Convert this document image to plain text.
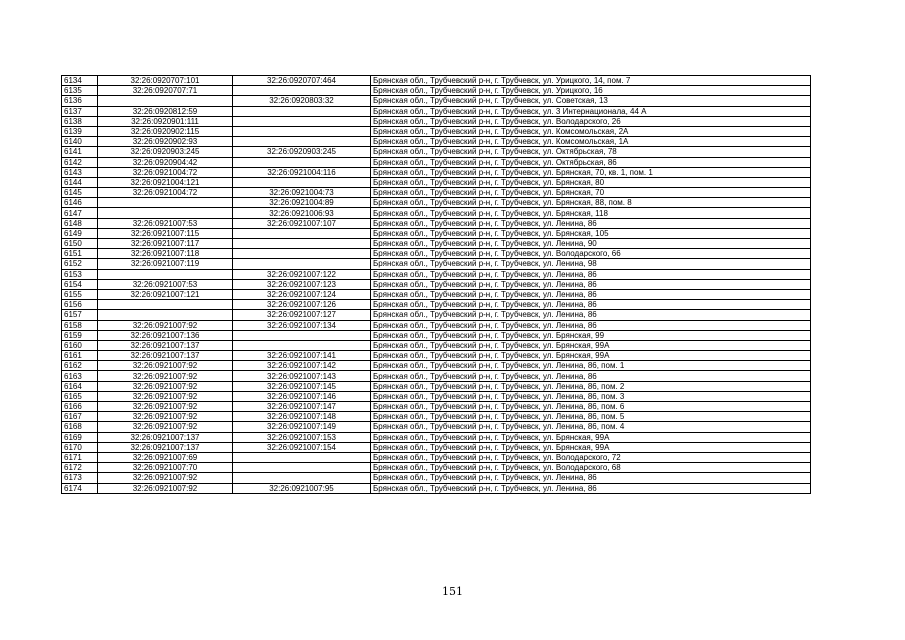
6134	32:26:0920707:101	32:26:0920707:464	Брянская обл., Трубчевский р-н, г. Трубчевск, ул. Урицкого, 14, пом. 7
6135	32:26:0920707:71		Брянская обл., Трубчевский р-н, г. Трубчевск, ул. Урицкого, 16
6136		32:26:0920803:32	Брянская обл., Трубчевский р-н, г. Трубчевск, ул. Советская, 13
6137	32:26:0920812:59		Брянская обл., Трубчевский р-н, г. Трубчевск, ул. 3 Интернационала, 44 А
6138	32:26:0920901:111		Брянская обл., Трубчевский р-н, г. Трубчевск, ул. Володарского, 26
6139	32:26:0920902:115		Брянская обл., Трубчевский р-н, г. Трубчевск, ул. Комсомольская, 2А
6140	32:26:0920902:93		Брянская обл., Трубчевский р-н, г. Трубчевск, ул. Комсомольская, 1А
6141	32:26:0920903:245	32:26:0920903:245	Брянская обл., Трубчевский р-н, г. Трубчевск, ул. Октябрьская, 78
6142	32:26:0920904:42		Брянская обл., Трубчевский р-н, г. Трубчевск, ул. Октябрьская, 86
6143	32:26:0921004:72	32:26:0921004:116	Брянская обл., Трубчевский р-н, г. Трубчевск, ул. Брянская, 70, кв. 1, пом. 1
6144	32:26:0921004:121		Брянская обл., Трубчевский р-н, г. Трубчевск, ул. Брянская, 80
6145	32:26:0921004:72	32:26:0921004:73	Брянская обл., Трубчевский р-н, г. Трубчевск, ул. Брянская, 70
6146		32:26:0921004:89	Брянская обл., Трубчевский р-н, г. Трубчевск, ул. Брянская, 88, пом. 8
6147		32:26:0921006:93	Брянская обл., Трубчевский р-н, г. Трубчевск, ул. Брянская, 118
6148	32:26:0921007:53	32:26:0921007:107	Брянская обл., Трубчевский р-н, г. Трубчевск, ул. Ленина, 86
6149	32:26:0921007:115		Брянская обл., Трубчевский р-н, г. Трубчевск, ул. Брянская, 105
6150	32:26:0921007:117		Брянская обл., Трубчевский р-н, г. Трубчевск, ул. Ленина, 90
6151	32:26:0921007:118		Брянская обл., Трубчевский р-н, г. Трубчевск, ул. Володарского, 66
6152	32:26:0921007:119		Брянская обл., Трубчевский р-н, г. Трубчевск, ул. Ленина, 98
6153		32:26:0921007:122	Брянская обл., Трубчевский р-н, г. Трубчевск, ул. Ленина, 86
6154	32:26:0921007:53	32:26:0921007:123	Брянская обл., Трубчевский р-н, г. Трубчевск, ул. Ленина, 86
6155	32:26:0921007:121	32:26:0921007:124	Брянская обл., Трубчевский р-н, г. Трубчевск, ул. Ленина, 86
6156		32:26:0921007:126	Брянская обл., Трубчевский р-н, г. Трубчевск, ул. Ленина, 86
6157		32:26:0921007:127	Брянская обл., Трубчевский р-н, г. Трубчевск, ул. Ленина, 86
6158	32:26:0921007:92	32:26:0921007:134	Брянская обл., Трубчевский р-н, г. Трубчевск, ул. Ленина, 86
6159	32:26:0921007:136		Брянская обл., Трубчевский р-н, г. Трубчевск, ул. Брянская, 99
6160	32:26:0921007:137		Брянская обл., Трубчевский р-н, г. Трубчевск, ул. Брянская, 99А
6161	32:26:0921007:137	32:26:0921007:141	Брянская обл., Трубчевский р-н, г. Трубчевск, ул. Брянская, 99А
6162	32:26:0921007:92	32:26:0921007:142	Брянская обл., Трубчевский р-н, г. Трубчевск, ул. Ленина, 86, пом. 1
6163	32:26:0921007:92	32:26:0921007:143	Брянская обл., Трубчевский р-н, г. Трубчевск, ул. Ленина, 86
6164	32:26:0921007:92	32:26:0921007:145	Брянская обл., Трубчевский р-н, г. Трубчевск, ул. Ленина, 86, пом. 2
6165	32:26:0921007:92	32:26:0921007:146	Брянская обл., Трубчевский р-н, г. Трубчевск, ул. Ленина, 86, пом. 3
6166	32:26:0921007:92	32:26:0921007:147	Брянская обл., Трубчевский р-н, г. Трубчевск, ул. Ленина, 86, пом. 6
6167	32:26:0921007:92	32:26:0921007:148	Брянская обл., Трубчевский р-н, г. Трубчевск, ул. Ленина, 86, пом. 5
6168	32:26:0921007:92	32:26:0921007:149	Брянская обл., Трубчевский р-н, г. Трубчевск, ул. Ленина, 86, пом. 4
6169	32:26:0921007:137	32:26:0921007:153	Брянская обл., Трубчевский р-н, г. Трубчевск, ул. Брянская, 99А
6170	32:26:0921007:137	32:26:0921007:154	Брянская обл., Трубчевский р-н, г. Трубчевск, ул. Брянская, 99А
6171	32:26:0921007:69		Брянская обл., Трубчевский р-н, г. Трубчевск, ул. Володарского, 72
6172	32:26:0921007:70		Брянская обл., Трубчевский р-н, г. Трубчевск, ул. Володарского, 68
6173	32:26:0921007:92		Брянская обл., Трубчевский р-н, г. Трубчевск, ул. Ленина, 86
6174	32:26:0921007:92	32:26:0921007:95	Брянская обл., Трубчевский р-н, г. Трубчевск, ул. Ленина, 86
151
